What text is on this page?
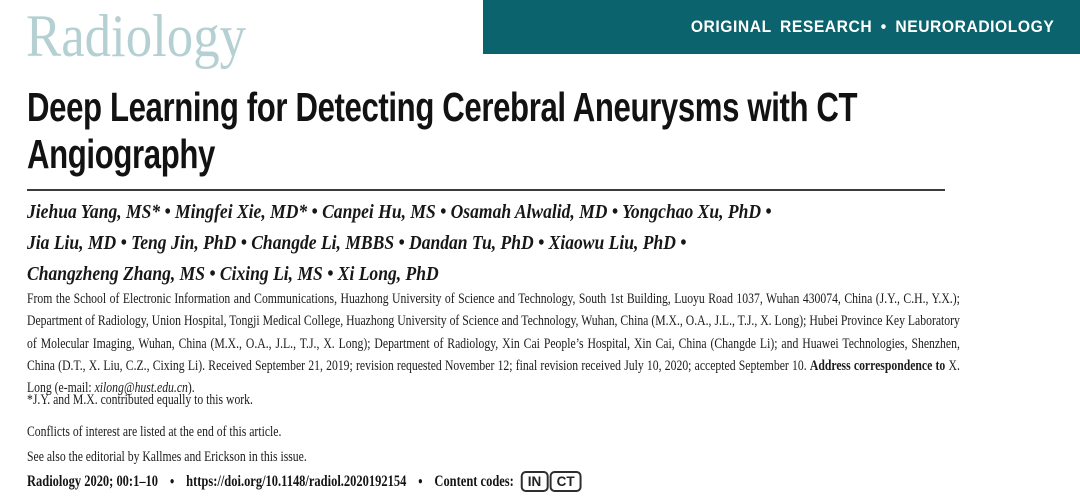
Radiology	ORIGINAL RESEARCH • NEURORADIOLOGY
Deep Learning for Detecting Cerebral Aneurysms with CT
Angiography
Jiehua Yang, MS* • Mingfei Xie, MD* • Canpei Hu, MS • Osamah Alwalid, MD • Yongchao Xu, PhD •
Jia Liu, MD • Teng Jin, PhD • Changde Li, MBBS • Dandan Tu, PhD • Xiaowu Liu, PhD •
Changzheng Zhang, MS • Cixing Li, MS • Xi Long, PhD

From the School of Electronic Information and Communications, Huazhong University of Science and Technology, South 1st Building, Luoyu Road 1037, Wuhan 430074, China (J.Y., C.H., Y.X.); Department of Radiology, Union Hospital, Tongji Medical College, Huazhong University of Science and Technology, Wuhan, China (M.X., O.A., J.L., T.J., X. Long); Hubei Province Key Laboratory of Molecular Imaging, Wuhan, China (M.X., O.A., J.L., T.J., X. Long); Department of Radiology, Xin Cai People’s Hospital, Xin Cai, China (Changde Li); and Huawei Technologies, Shenzhen, China (D.T., X. Liu, C.Z., Cixing Li). Received September 21, 2019; revision requested November 12; final revision received July 10, 2020; accepted September 10. Address correspondence to X. Long (e-mail: xilong@hust.edu.cn).

*J.Y. and M.X. contributed equally to this work.

Conflicts of interest are listed at the end of this article.

See also the editorial by Kallmes and Erickson in this issue.

Radiology 2020; 00:1–10 ● https://doi.org/10.1148/radiol.2020192154 ● Content codes:	IN	CT
